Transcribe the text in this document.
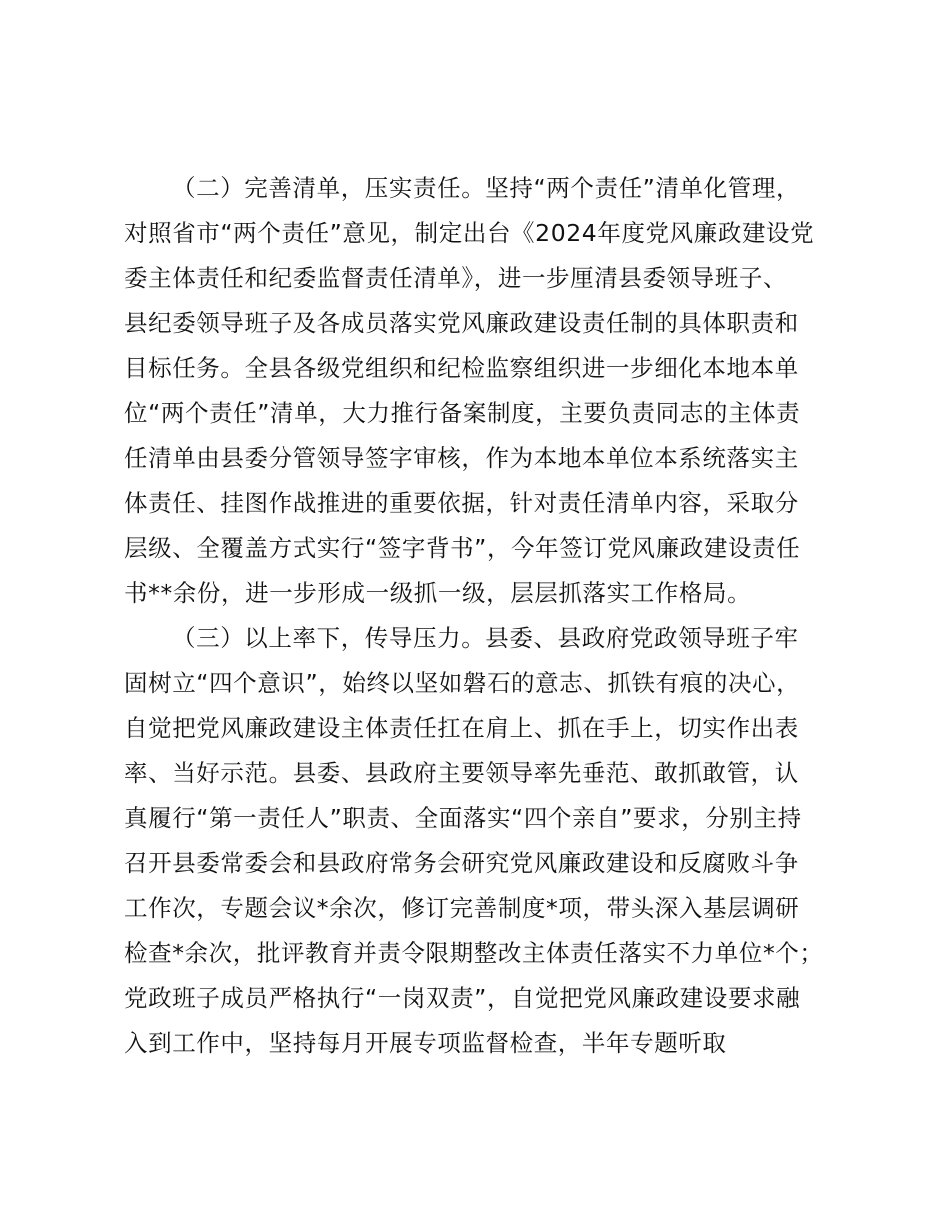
（二）完善清单，压实责任。坚持“两个责任”清单化管理，
对照省市“两个责任”意见，制定出台《2024年度党风廉政建设党
委主体责任和纪委监督责任清单》，进一步厘清县委领导班子、
县纪委领导班子及各成员落实党风廉政建设责任制的具体职责和
目标任务。全县各级党组织和纪检监察组织进一步细化本地本单
位“两个责任”清单，大力推行备案制度，主要负责同志的主体责
任清单由县委分管领导签字审核，作为本地本单位本系统落实主
体责任、挂图作战推进的重要依据，针对责任清单内容，采取分
层级、全覆盖方式实行“签字背书”，今年签订党风廉政建设责任
书**余份，进一步形成一级抓一级，层层抓落实工作格局。
（三）以上率下，传导压力。县委、县政府党政领导班子牢
固树立“四个意识”，始终以坚如磐石的意志、抓铁有痕的决心，
自觉把党风廉政建设主体责任扛在肩上、抓在手上，切实作出表
率、当好示范。县委、县政府主要领导率先垂范、敢抓敢管，认
真履行“第一责任人”职责、全面落实“四个亲自”要求，分别主持
召开县委常委会和县政府常务会研究党风廉政建设和反腐败斗争
工作次，专题会议*余次，修订完善制度*项，带头深入基层调研
检查*余次，批评教育并责令限期整改主体责任落实不力单位*个；
党政班子成员严格执行“一岗双责”，自觉把党风廉政建设要求融
入到工作中，坚持每月开展专项监督检查，半年专题听取
